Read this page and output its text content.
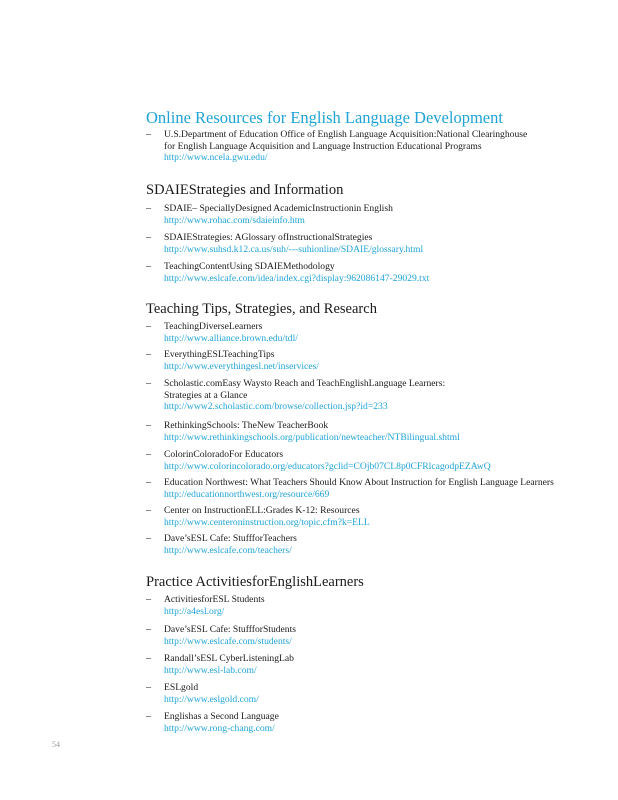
Online Resources for English Language Development
– U.S.Department of Education Office of English Language Acquisition:National Clearinghouse
for English Language Acquisition and Language Instruction Educational Programs
http://www.ncela.gwu.edu/
SDAIEStrategies and Information
– SDAIE– SpeciallyDesigned AcademicInstructionin English
http://www.rohac.com/sdaieinfo.htm
– SDAIEStrategies: AGlossary ofInstructionalStrategies
http://www.suhsd.k12.ca.us/suh/---suhionline/SDAIE/glossary.html
– TeachingContentUsing SDAIEMethodology
http://www.eslcafe.com/idea/index.cgi?display:962086147-29029.txt
Teaching Tips, Strategies, and Research
– TeachingDiverseLearners
http://www.alliance.brown.edu/tdl/
– EverythingESLTeachingTips
http://www.everythingesl.net/inservices/
– Scholastic.comEasy Waysto Reach and TeachEnglishLanguage Learners:
Strategies at a Glance
http://www2.scholastic.com/browse/collection.jsp?id=233
– RethinkingSchools: TheNew TeacherBook
http://www.rethinkingschools.org/publication/newteacher/NTBilingual.shtml
– ColorinColoradoFor Educators
http://www.colorincolorado.org/educators?gclid=COjb07CL8p0CFRlcagodpEZAwQ
– Education Northwest: What Teachers Should Know About Instruction for English Language Learners
http://educationnorthwest.org/resource/669
– Center on InstructionELL:Grades K-12: Resources
http://www.centeroninstruction.org/topic.cfm?k=ELL
– Dave’sESL Cafe: StuffforTeachers
http://www.eslcafe.com/teachers/
Practice ActivitiesforEnglishLearners
– ActivitiesforESL Students
http://a4esl.org/
– Dave’sESL Cafe: StuffforStudents
http://www.eslcafe.com/students/
– Randall’sESL CyberListeningLab
http://www.esl-lab.com/
– ESLgold
http://www.eslgold.com/
– Englishas a Second Language
http://www.rong-chang.com/
54
